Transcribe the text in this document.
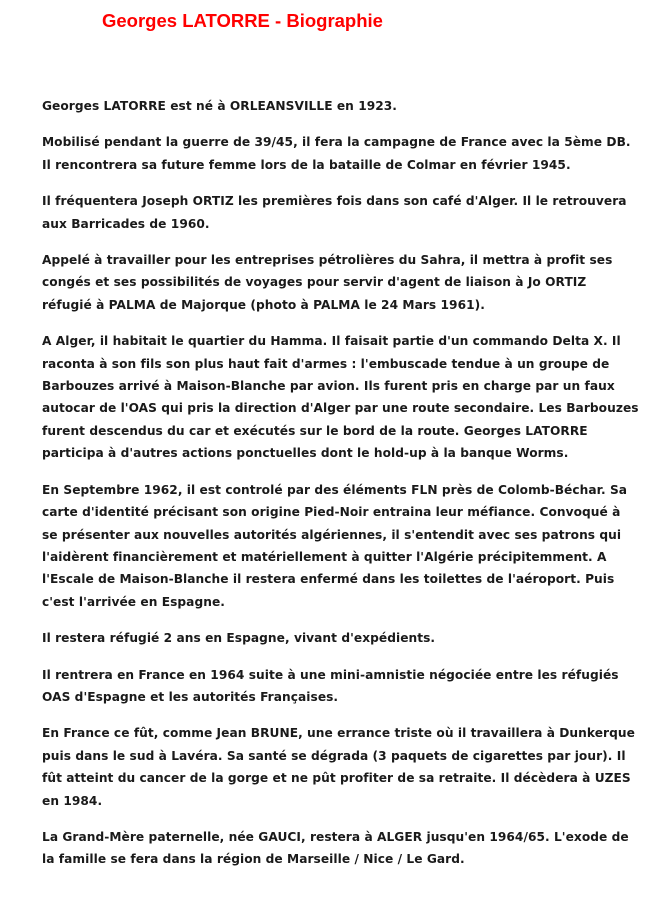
Georges LATORRE - Biographie

Georges LATORRE est né à ORLEANSVILLE en 1923.

Mobilisé pendant la guerre de 39/45, il fera la campagne de France avec la 5ème DB. Il rencontrera sa future femme lors de la bataille de Colmar en février 1945.

Il fréquentera Joseph ORTIZ les premières fois dans son café d'Alger. Il le retrouvera aux Barricades de 1960.

Appelé à travailler pour les entreprises pétrolières du Sahra, il mettra à profit ses congés et ses possibilités de voyages pour servir d'agent de liaison à Jo ORTIZ réfugié à PALMA de Majorque (photo à PALMA le 24 Mars 1961).

A Alger, il habitait le quartier du Hamma. Il faisait partie d'un commando Delta X. Il raconta à son fils son plus haut fait d'armes : l'embuscade tendue à un groupe de Barbouzes arrivé à Maison-Blanche par avion. Ils furent pris en charge par un faux autocar de l'OAS qui pris la direction d'Alger par une route secondaire. Les Barbouzes furent descendus du car et exécutés sur le bord de la route. Georges LATORRE participa à d'autres actions ponctuelles dont le hold-up à la banque Worms.

En Septembre 1962, il est controlé par des éléments FLN près de Colomb-Béchar. Sa carte d'identité précisant son origine Pied-Noir entraina leur méfiance. Convoqué à se présenter aux nouvelles autorités algériennes, il s'entendit avec ses patrons qui l'aidèrent financièrement et matériellement à quitter l'Algérie précipitemment. A l'Escale de Maison-Blanche il restera enfermé dans les toilettes de l'aéroport. Puis c'est l'arrivée en Espagne.

Il restera réfugié 2 ans en Espagne, vivant d'expédients.

Il rentrera en France en 1964 suite à une mini-amnistie négociée entre les réfugiés OAS d'Espagne et les autorités Françaises.

En France ce fût, comme Jean BRUNE, une errance triste où il travaillera à Dunkerque puis dans le sud à Lavéra. Sa santé se dégrada (3 paquets de cigarettes par jour). Il fût atteint du cancer de la gorge et ne pût profiter de sa retraite. Il décèdera à UZES en 1984.

La Grand-Mère paternelle, née GAUCI, restera à ALGER jusqu'en 1964/65. L'exode de la famille se fera dans la région de Marseille / Nice / Le Gard.
